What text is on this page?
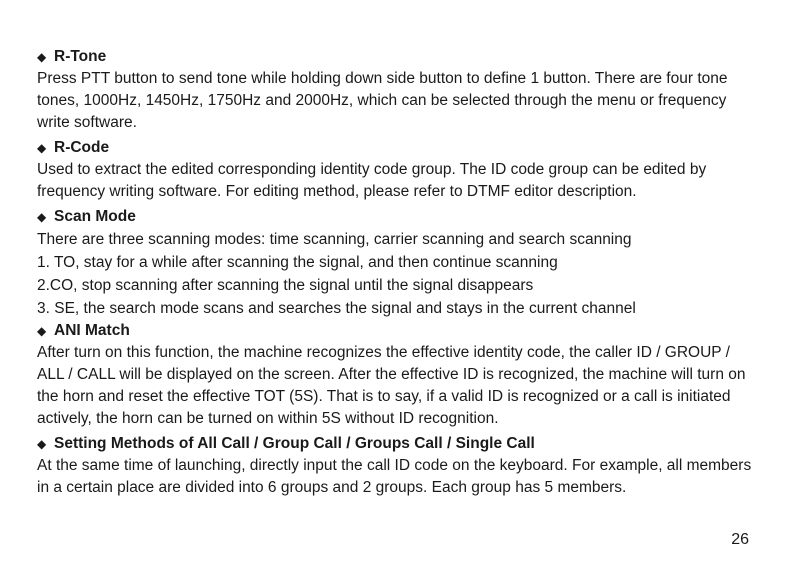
◆ R-Tone

Press PTT button to send tone while holding down side button to define 1 button. There are four tone tones, 1000Hz, 1450Hz, 1750Hz and 2000Hz, which can be selected through the menu or frequency write software.

◆ R-Code

Used to extract the edited corresponding identity code group. The ID code group can be edited by frequency writing software. For editing method, please refer to DTMF editor description.

◆ Scan Mode

There are three scanning modes: time scanning, carrier scanning and search scanning

1. TO, stay for a while after scanning the signal, and then continue scanning

2.CO, stop scanning after scanning the signal until the signal disappears

3. SE, the search mode scans and searches the signal and stays in the current channel

◆ ANI Match

After turn on this function, the machine recognizes the effective identity code, the caller ID / GROUP / ALL / CALL will be displayed on the screen. After the effective ID is recognized, the machine will turn on the horn and reset the effective TOT (5S). That is to say, if a valid ID is recognized or a call is initiated actively, the horn can be turned on within 5S without ID recognition.

◆ Setting Methods of All Call / Group Call / Groups Call / Single Call

At the same time of launching, directly input the call ID code on the keyboard. For example, all members in a certain place are divided into 6 groups and 2 groups. Each group has 5 members.

26
